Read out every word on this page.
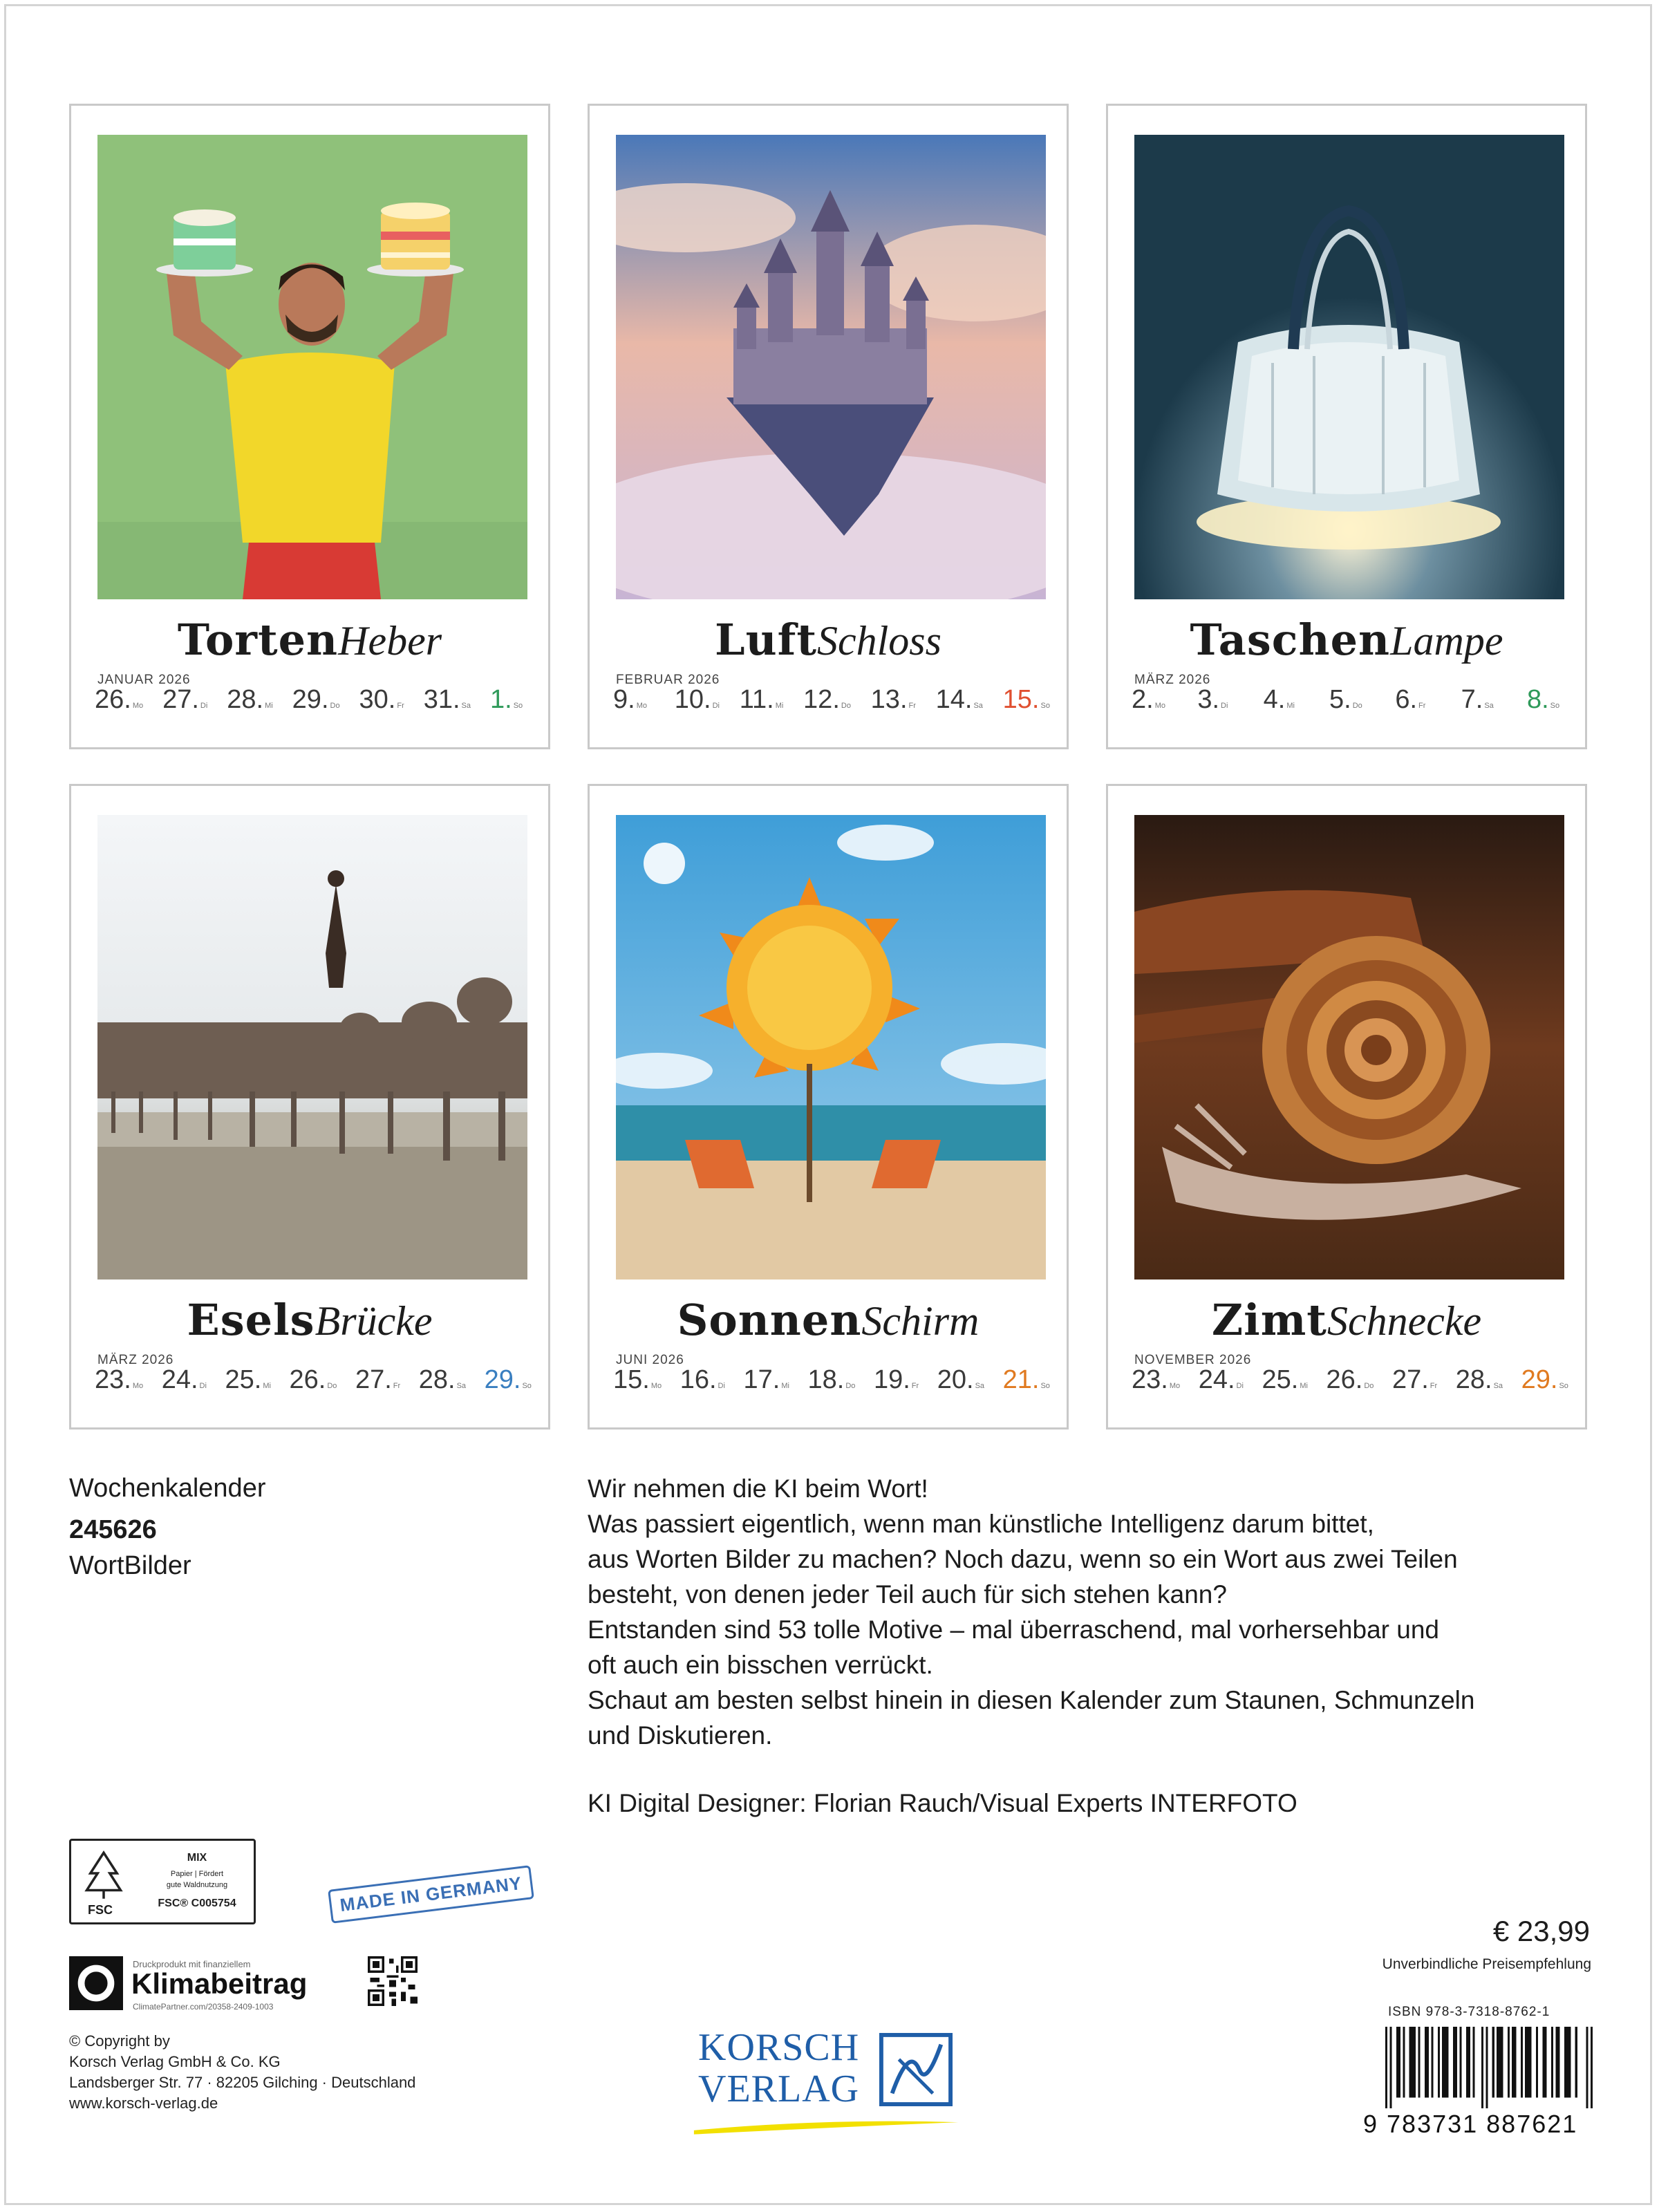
TortenHeber
JANUAR 2026
26. Mo 27. Di 28. Mi 29. Do 30. Fr 31. Sa 1. So
LuftSchloss
FEBRUAR 2026
9. Mo 10. Di 11. Mi 12. Do 13. Fr 14. Sa 15. So
TaschenLampe
MÄRZ 2026
2. Mo 3. Di	4. Mi	5. Do	6. Fr	7. Sa	8. So
EselsBrücke
MÄRZ 2026
23. Mo 24. Di 25. Mi 26. Do 27. Fr 28. Sa 29. So
SonnenSchirm
JUNI 2026
15. Mo 16. Di 17. Mi 18. Do 19. Fr 20. Sa 21. So
ZimtSchnecke
NOVEMBER 2026
23. Mo 24. Di 25. Mi 26. Do 27. Fr 28. Sa 29. So
Wochenkalender
245626
WortBilder

Wir nehmen die KI beim Wort!

Was passiert eigentlich, wenn man künstliche Intelligenz darum bittet,

aus Worten Bilder zu machen? Noch dazu, wenn so ein Wort aus zwei Teilen

besteht, von denen jeder Teil auch für sich stehen kann?

Entstanden sind 53 tolle Motive – mal überraschend, mal vorhersehbar und

oft auch ein bisschen verrückt.

Schaut am besten selbst hinein in diesen Kalender zum Staunen, Schmunzeln

und Diskutieren.

KI Digital Designer: Florian Rauch/Visual Experts INTERFOTO
MIX
Papier | Fördert
gute Waldnutzung
FSC® C005754
FSC	MADE IN GERMANY
Druckprodukt mit finanziellem
Klimabeitrag
ClimatePartner.com/20358-2409-1003

© Copyright by

Korsch Verlag GmbH & Co. KG

Landsberger Str. 77 · 82205 Gilching · Deutschland

www.korsch-verlag.de

KORSCH
VERLAG
€ 23,99
Unverbindliche Preisempfehlung
ISBN 978-3-7318-8762-1
9 783731 887621
